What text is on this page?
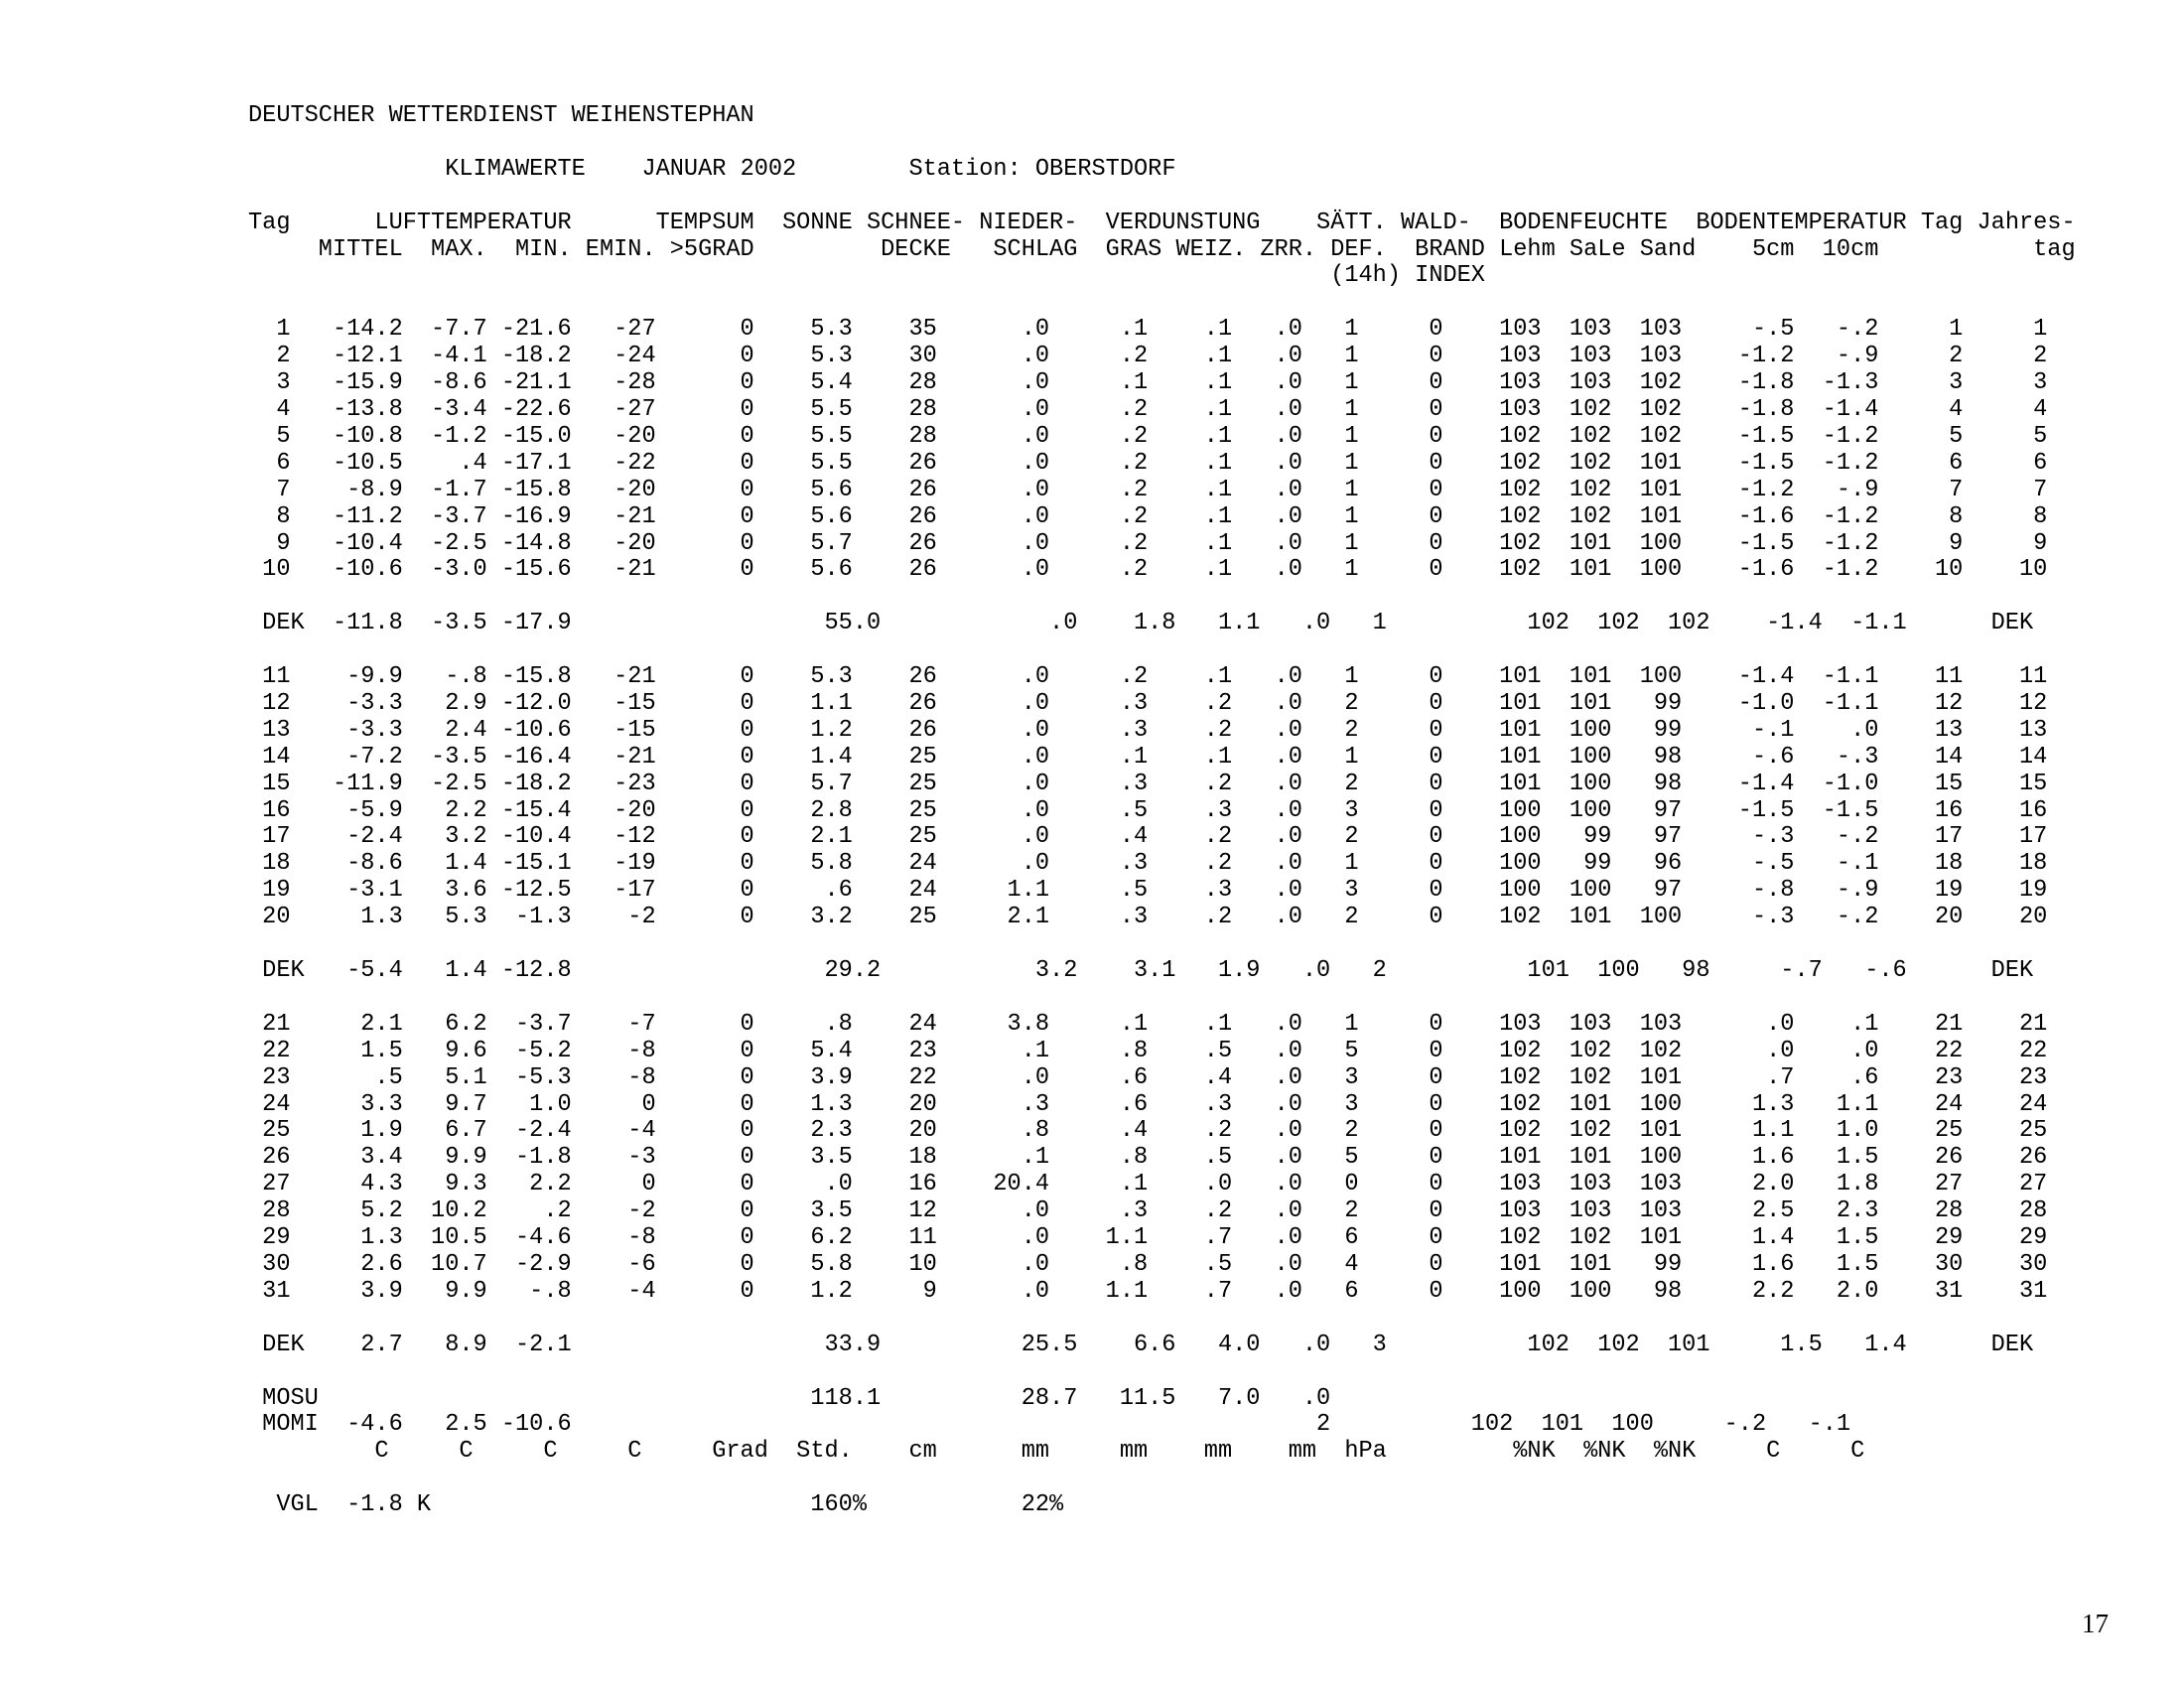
DEUTSCHER WETTERDIENST WEIHENSTEPHAN

KLIMAWERTE    JANUAR 2002        Station: OBERSTDORF

Tag      LUFTTEMPERATUR      TEMPSUM  SONNE SCHNEE- NIEDER-  VERDUNSTUNG    SÄTT. WALD-  BODENFEUCHTE  BODENTEMPERATUR Tag Jahres-
MITTEL  MAX.  MIN. EMIN. >5GRAD         DECKE   SCHLAG  GRAS WEIZ. ZRR. DEF.  BRAND Lehm SaLe Sand    5cm  10cm           tag
(14h) INDEX

1   -14.2  -7.7 -21.6   -27      0    5.3    35      .0     .1    .1   .0   1     0    103  103  103     -.5   -.2     1     1
2   -12.1  -4.1 -18.2   -24      0    5.3    30      .0     .2    .1   .0   1     0    103  103  103    -1.2   -.9     2     2
3   -15.9  -8.6 -21.1   -28      0    5.4    28      .0     .1    .1   .0   1     0    103  103  102    -1.8  -1.3     3     3
4   -13.8  -3.4 -22.6   -27      0    5.5    28      .0     .2    .1   .0   1     0    103  102  102    -1.8  -1.4     4     4
5   -10.8  -1.2 -15.0   -20      0    5.5    28      .0     .2    .1   .0   1     0    102  102  102    -1.5  -1.2     5     5
6   -10.5    .4 -17.1   -22      0    5.5    26      .0     .2    .1   .0   1     0    102  102  101    -1.5  -1.2     6     6
7    -8.9  -1.7 -15.8   -20      0    5.6    26      .0     .2    .1   .0   1     0    102  102  101    -1.2   -.9     7     7
8   -11.2  -3.7 -16.9   -21      0    5.6    26      .0     .2    .1   .0   1     0    102  102  101    -1.6  -1.2     8     8
9   -10.4  -2.5 -14.8   -20      0    5.7    26      .0     .2    .1   .0   1     0    102  101  100    -1.5  -1.2     9     9
10   -10.6  -3.0 -15.6   -21      0    5.6    26      .0     .2    .1   .0   1     0    102  101  100    -1.6  -1.2    10    10

DEK  -11.8  -3.5 -17.9                  55.0            .0    1.8   1.1   .0   1          102  102  102    -1.4  -1.1      DEK

11    -9.9   -.8 -15.8   -21      0    5.3    26      .0     .2    .1   .0   1     0    101  101  100    -1.4  -1.1    11    11
12    -3.3   2.9 -12.0   -15      0    1.1    26      .0     .3    .2   .0   2     0    101  101   99    -1.0  -1.1    12    12
13    -3.3   2.4 -10.6   -15      0    1.2    26      .0     .3    .2   .0   2     0    101  100   99     -.1    .0    13    13
14    -7.2  -3.5 -16.4   -21      0    1.4    25      .0     .1    .1   .0   1     0    101  100   98     -.6   -.3    14    14
15   -11.9  -2.5 -18.2   -23      0    5.7    25      .0     .3    .2   .0   2     0    101  100   98    -1.4  -1.0    15    15
16    -5.9   2.2 -15.4   -20      0    2.8    25      .0     .5    .3   .0   3     0    100  100   97    -1.5  -1.5    16    16
17    -2.4   3.2 -10.4   -12      0    2.1    25      .0     .4    .2   .0   2     0    100   99   97     -.3   -.2    17    17
18    -8.6   1.4 -15.1   -19      0    5.8    24      .0     .3    .2   .0   1     0    100   99   96     -.5   -.1    18    18
19    -3.1   3.6 -12.5   -17      0     .6    24     1.1     .5    .3   .0   3     0    100  100   97     -.8   -.9    19    19
20     1.3   5.3  -1.3    -2      0    3.2    25     2.1     .3    .2   .0   2     0    102  101  100     -.3   -.2    20    20

DEK   -5.4   1.4 -12.8                  29.2           3.2    3.1   1.9   .0   2          101  100   98     -.7   -.6      DEK

21     2.1   6.2  -3.7    -7      0     .8    24     3.8     .1    .1   .0   1     0    103  103  103      .0    .1    21    21
22     1.5   9.6  -5.2    -8      0    5.4    23      .1     .8    .5   .0   5     0    102  102  102      .0    .0    22    22
23      .5   5.1  -5.3    -8      0    3.9    22      .0     .6    .4   .0   3     0    102  102  101      .7    .6    23    23
24     3.3   9.7   1.0     0      0    1.3    20      .3     .6    .3   .0   3     0    102  101  100     1.3   1.1    24    24
25     1.9   6.7  -2.4    -4      0    2.3    20      .8     .4    .2   .0   2     0    102  102  101     1.1   1.0    25    25
26     3.4   9.9  -1.8    -3      0    3.5    18      .1     .8    .5   .0   5     0    101  101  100     1.6   1.5    26    26
27     4.3   9.3   2.2     0      0     .0    16    20.4     .1    .0   .0   0     0    103  103  103     2.0   1.8    27    27
28     5.2  10.2    .2    -2      0    3.5    12      .0     .3    .2   .0   2     0    103  103  103     2.5   2.3    28    28
29     1.3  10.5  -4.6    -8      0    6.2    11      .0    1.1    .7   .0   6     0    102  102  101     1.4   1.5    29    29
30     2.6  10.7  -2.9    -6      0    5.8    10      .0     .8    .5   .0   4     0    101  101   99     1.6   1.5    30    30
31     3.9   9.9   -.8    -4      0    1.2     9      .0    1.1    .7   .0   6     0    100  100   98     2.2   2.0    31    31

DEK    2.7   8.9  -2.1                  33.9          25.5    6.6   4.0   .0   3          102  102  101     1.5   1.4      DEK

MOSU                                   118.1          28.7   11.5   7.0   .0
MOMI  -4.6   2.5 -10.6                                                     2          102  101  100     -.2   -.1
C     C     C     C     Grad  Std.    cm      mm     mm    mm    mm  hPa         %NK  %NK  %NK     C     C

VGL  -1.8 K                           160%           22%
17
